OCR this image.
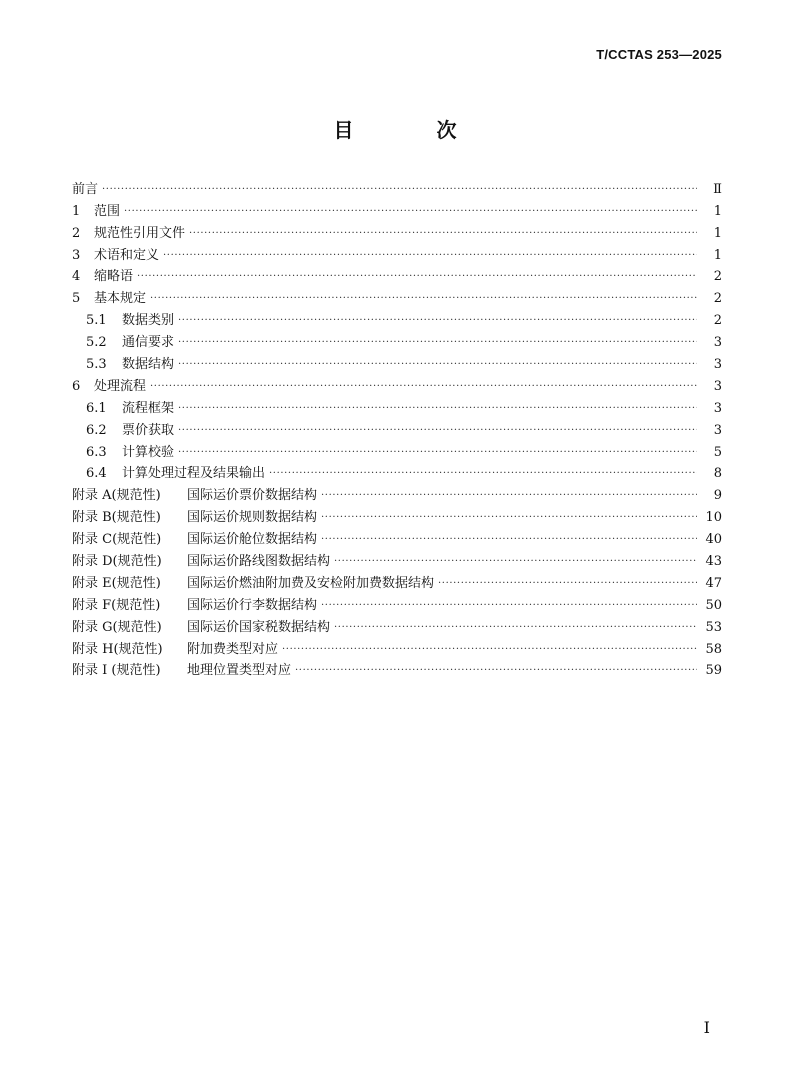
T/CCTAS 253—2025
目 次
前言 ·····	Ⅱ
1	范围 ·····	1
2	规范性引用文件 ·····	1
3	术语和定义 ·····	1
4	缩略语 ·····	2
5	基本规定 ·····	2
5.1	数据类别 ·····	2
5.2	通信要求 ·····	3
5.3	数据结构 ·····	3
6	处理流程 ·····	3
6.1	流程框架 ·····	3
6.2	票价获取 ·····	3
6.3	计算校验 ·····	5
6.4	计算处理过程及结果输出 ·····	8
附录 A(规范性)	国际运价票价数据结构 ·····	9
附录 B(规范性)	国际运价规则数据结构 ·····	10
附录 C(规范性)	国际运价舱位数据结构 ·····	40
附录 D(规范性)	国际运价路线图数据结构 ·····	43
附录 E(规范性)	国际运价燃油附加费及安检附加费数据结构 ·····	47
附录 F(规范性)	国际运价行李数据结构 ·····	50
附录 G(规范性)	国际运价国家税数据结构 ·····	53
附录 H(规范性)	附加费类型对应 ·····	58
附录 I (规范性)	地理位置类型对应 ·····	59
I
